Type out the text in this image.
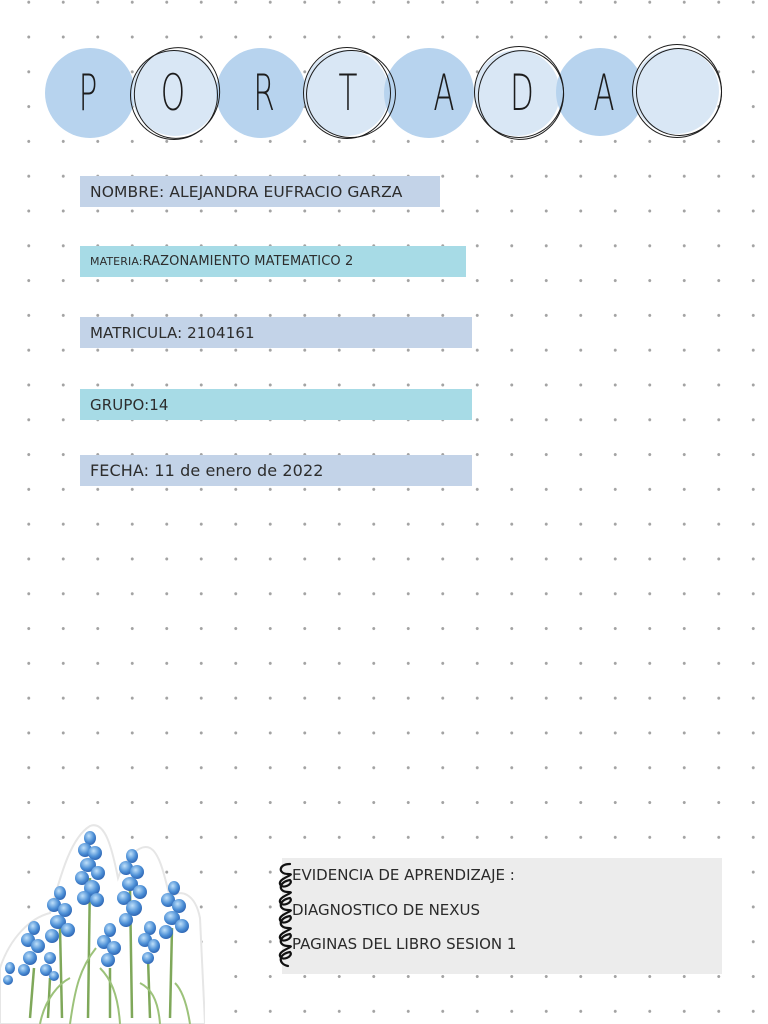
P O R T A D A
NOMBRE: ALEJANDRA EUFRACIO GARZA
MATERIA: RAZONAMIENTO MATEMATICO 2
MATRICULA: 2104161
GRUPO:14
FECHA: 11 de enero de 2022
EVIDENCIA DE APRENDIZAJE :
DIAGNOSTICO DE NEXUS
PAGINAS DEL LIBRO SESION 1
